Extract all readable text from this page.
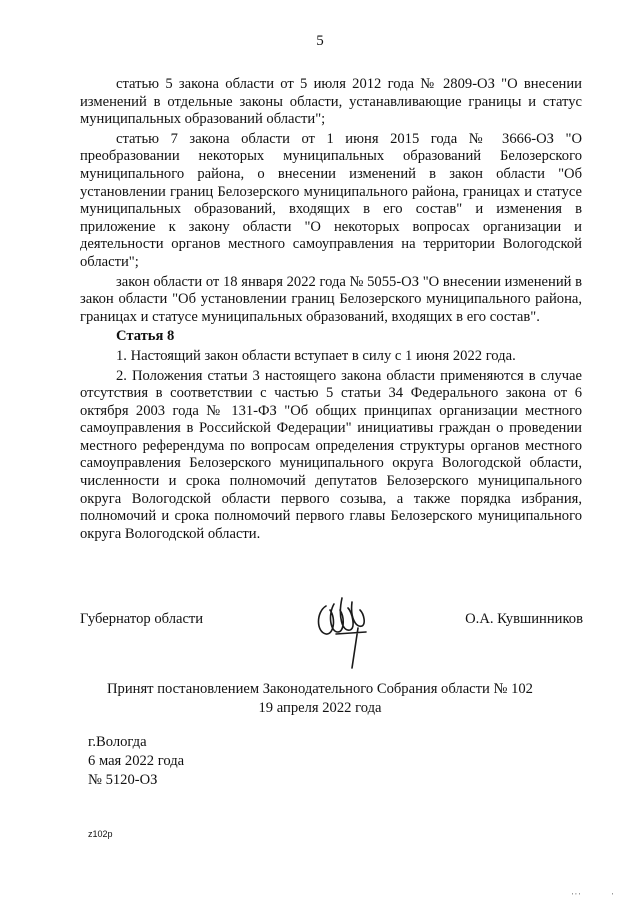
5

статью 5 закона области от 5 июля 2012 года № 2809-ОЗ "О внесении изменений в отдельные законы области, устанавливающие границы и статус муниципальных образований области";

статью 7 закона области от 1 июня 2015 года № 3666-ОЗ "О преобразовании некоторых муниципальных образований Белозерского муниципального района, о внесении изменений в закон области "Об установлении границ Белозерского муниципального района, границах и статусе муниципальных образований, входящих в его состав" и изменения в приложение к закону области "О некоторых вопросах организации и деятельности органов местного самоуправления на территории Вологодской области";

закон области от 18 января 2022 года № 5055-ОЗ "О внесении изменений в закон области "Об установлении границ Белозерского муниципального района, границах и статусе муниципальных образований, входящих в его состав".

Статья 8

1. Настоящий закон области вступает в силу с 1 июня 2022 года.

2. Положения статьи 3 настоящего закона области применяются в случае отсутствия в соответствии с частью 5 статьи 34 Федерального закона от 6 октября 2003 года № 131-ФЗ "Об общих принципах организации местного самоуправления в Российской Федерации" инициативы граждан о проведении местного референдума по вопросам определения структуры органов местного самоуправления Белозерского муниципального округа Вологодской области, численности и срока полномочий депутатов Белозерского муниципального округа Вологодской области первого созыва, а также порядка избрания, полномочий и срока полномочий первого главы Белозерского муниципального округа Вологодской области.

Губернатор области	О.А. Кувшинников
Принят постановлением Законодательного Собрания области № 102
19 апреля 2022 года
г.Вологда
6 мая 2022 года
№ 5120-ОЗ
z102p
' ' '	'
